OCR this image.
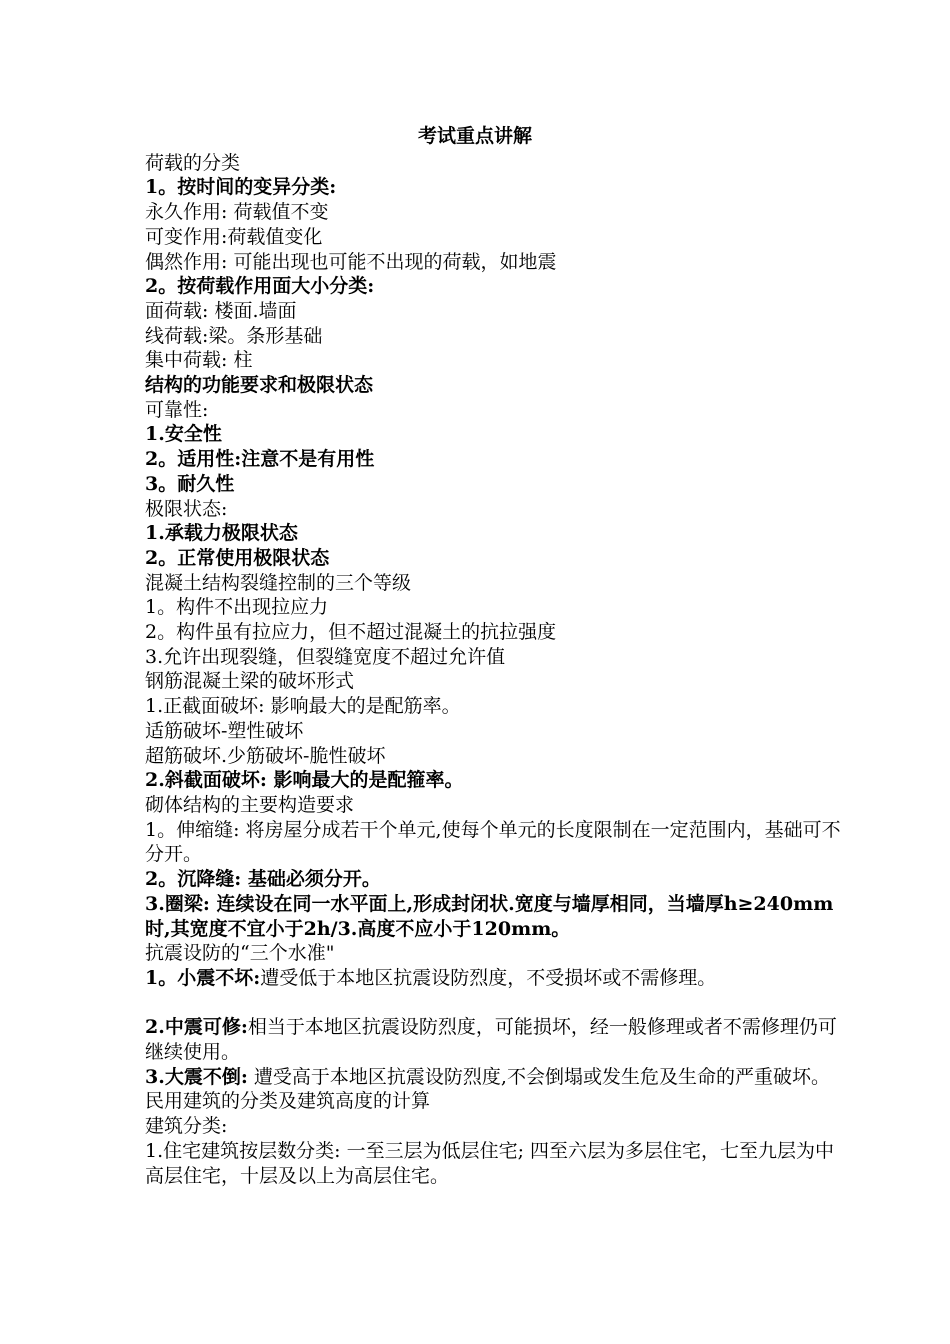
考试重点讲解
荷载的分类
1。按时间的变异分类:
永久作用: 荷载值不变
可变作用:荷载值变化
偶然作用: 可能出现也可能不出现的荷载，如地震
2。按荷载作用面大小分类:
面荷载: 楼面.墙面
线荷载:梁。条形基础
集中荷载: 柱
结构的功能要求和极限状态
可靠性:
1.安全性
2。适用性:注意不是有用性
3。耐久性
极限状态:
1.承载力极限状态
2。正常使用极限状态
混凝土结构裂缝控制的三个等级
1。构件不出现拉应力
2。构件虽有拉应力，但不超过混凝土的抗拉强度
3.允许出现裂缝，但裂缝宽度不超过允许值
钢筋混凝土梁的破坏形式
1.正截面破坏: 影响最大的是配筋率。
适筋破坏-塑性破坏
超筋破坏.少筋破坏-脆性破坏
2.斜截面破坏: 影响最大的是配箍率。
砌体结构的主要构造要求
1。伸缩缝: 将房屋分成若干个单元,使每个单元的长度限制在一定范围内，基础可不分开。
2。沉降缝: 基础必须分开。
3.圈梁: 连续设在同一水平面上,形成封闭状.宽度与墙厚相同，当墙厚h≥240mm时,其宽度不宜小于2h/3.高度不应小于120mm。
抗震设防的“三个水准"
1。小震不坏:遭受低于本地区抗震设防烈度，不受损坏或不需修理。
2.中震可修:相当于本地区抗震设防烈度，可能损坏，经一般修理或者不需修理仍可继续使用。
3.大震不倒: 遭受高于本地区抗震设防烈度,不会倒塌或发生危及生命的严重破坏。
民用建筑的分类及建筑高度的计算
建筑分类:
1.住宅建筑按层数分类: 一至三层为低层住宅; 四至六层为多层住宅，七至九层为中高层住宅，十层及以上为高层住宅。
